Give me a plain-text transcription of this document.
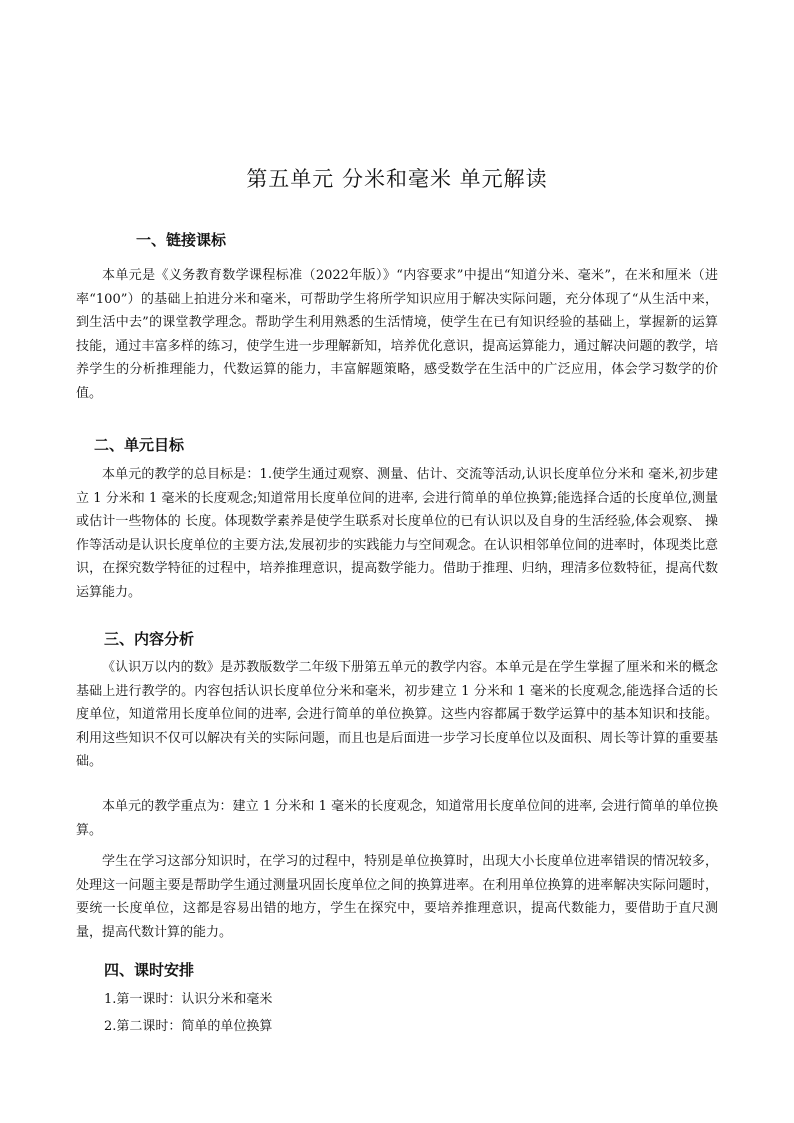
第五单元 分米和毫米 单元解读
一、链接课标
本单元是《义务教育数学课程标准（2022年版）》“内容要求”中提出“知道分米、毫米”，在米和厘米（进率“100”）的基础上拍进分米和毫米，可帮助学生将所学知识应用于解决实际问题，充分体现了“从生活中来，到生活中去”的课堂教学理念。帮助学生利用熟悉的生活情境，使学生在已有知识经验的基础上，掌握新的运算技能，通过丰富多样的练习，使学生进一步理解新知，培养优化意识，提高运算能力，通过解决问题的教学，培养学生的分析推理能力，代数运算的能力，丰富解题策略，感受数学在生活中的广泛应用，体会学习数学的价值。
二、单元目标
本单元的教学的总目标是：1.使学生通过观察、测量、估计、交流等活动,认识长度单位分米和 毫米,初步建立 1 分米和 1 毫米的长度观念;知道常用长度单位间的进率, 会进行简单的单位换算;能选择合适的长度单位,测量或估计一些物体的 长度。体现数学素养是使学生联系对长度单位的已有认识以及自身的生活经验,体会观察、 操作等活动是认识长度单位的主要方法,发展初步的实践能力与空间观念。在认识相邻单位间的进率时，体现类比意识，在探究数学特征的过程中，培养推理意识，提高数学能力。借助于推理、归纳，理清多位数特征，提高代数运算能力。
三、内容分析
《认识万以内的数》是苏教版数学二年级下册第五单元的教学内容。本单元是在学生掌握了厘米和米的概念基础上进行教学的。内容包括认识长度单位分米和毫米，初步建立 1 分米和 1 毫米的长度观念,能选择合适的长度单位，知道常用长度单位间的进率, 会进行简单的单位换算。这些内容都属于数学运算中的基本知识和技能。利用这些知识不仅可以解决有关的实际问题，而且也是后面进一步学习长度单位以及面积、周长等计算的重要基础。
本单元的教学重点为：建立 1 分米和 1 毫米的长度观念，知道常用长度单位间的进率, 会进行简单的单位换算。
学生在学习这部分知识时，在学习的过程中，特别是单位换算时，出现大小长度单位进率错误的情况较多，处理这一问题主要是帮助学生通过测量巩固长度单位之间的换算进率。在利用单位换算的进率解决实际问题时，要统一长度单位，这都是容易出错的地方，学生在探究中，要培养推理意识，提高代数能力，要借助于直尺测量，提高代数计算的能力。
四、课时安排
1.第一课时：认识分米和毫米
2.第二课时：简单的单位换算
